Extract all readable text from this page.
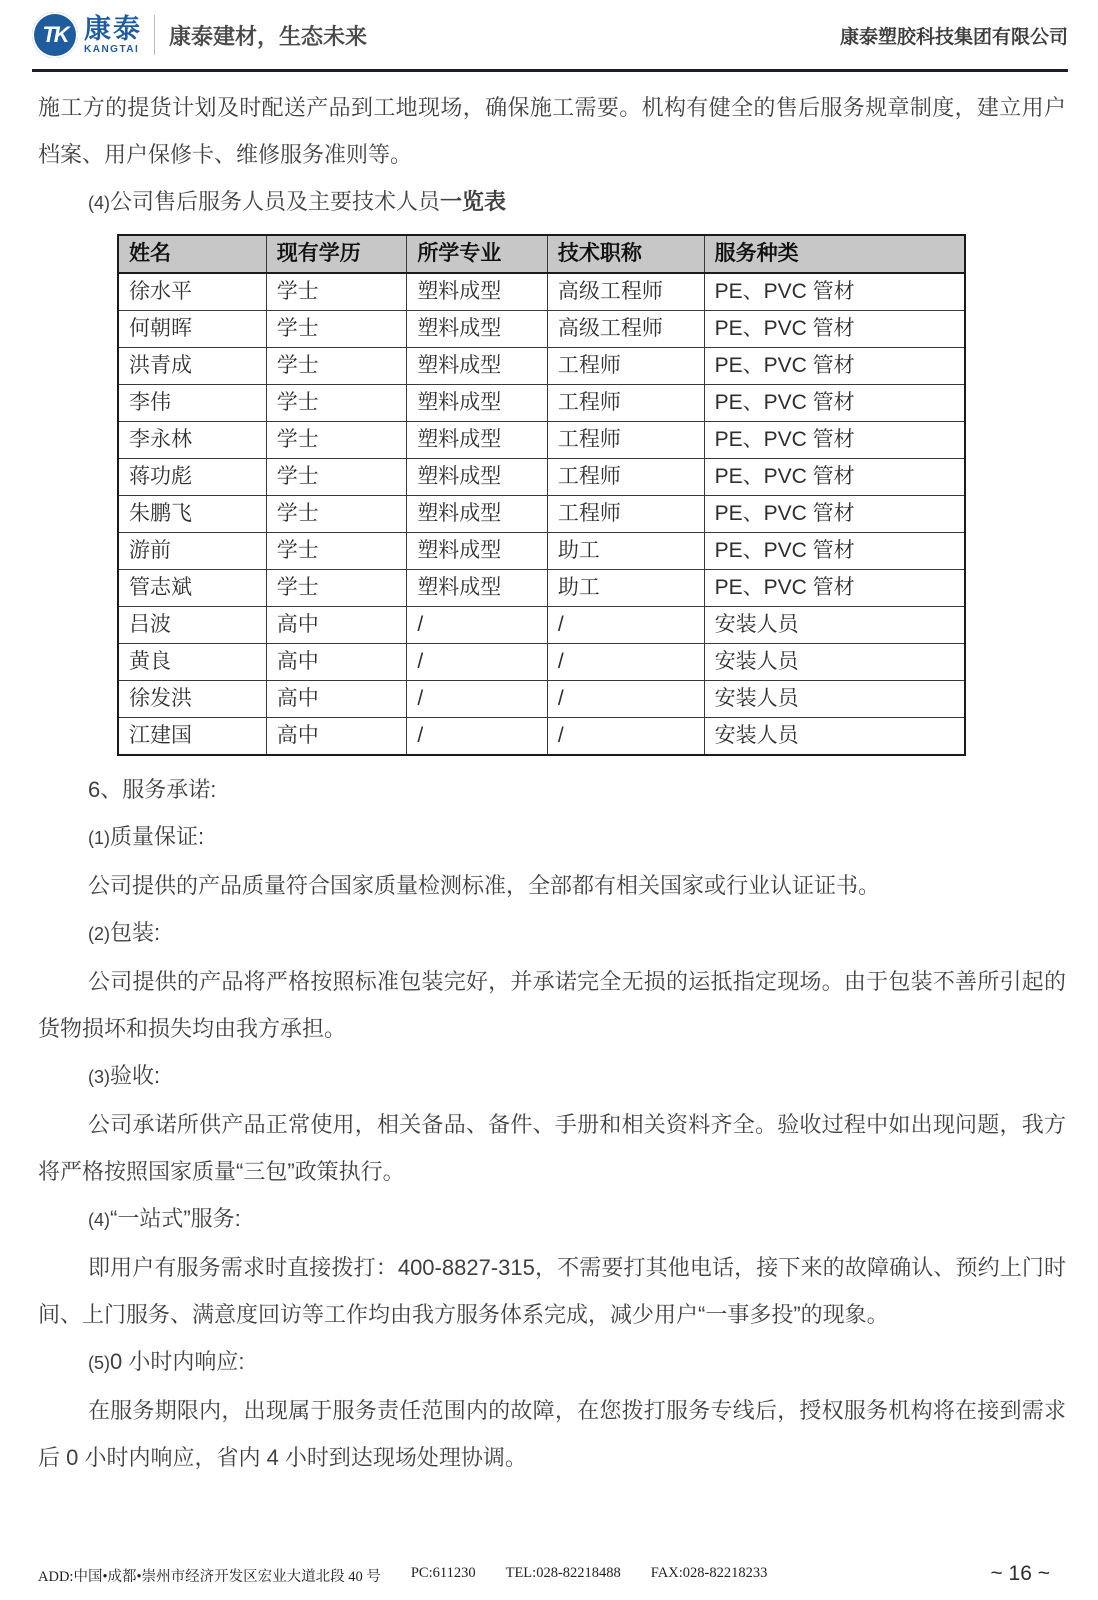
TK 康泰
KANGTAI
康泰建材，生态未来	康泰塑胶科技集团有限公司
施工方的提货计划及时配送产品到工地现场，确保施工需要。机构有健全的售后服务规章制度，建立用户档案、用户保修卡、维修服务准则等。
(4)公司售后服务人员及主要技术人员一览表
姓名	现有学历	所学专业	技术职称	服务种类
徐水平	学士	塑料成型	高级工程师	PE、PVC 管材
何朝晖	学士	塑料成型	高级工程师	PE、PVC 管材
洪青成	学士	塑料成型	工程师	PE、PVC 管材
李伟	学士	塑料成型	工程师	PE、PVC 管材
李永林	学士	塑料成型	工程师	PE、PVC 管材
蒋功彪	学士	塑料成型	工程师	PE、PVC 管材
朱鹏飞	学士	塑料成型	工程师	PE、PVC 管材
游前	学士	塑料成型	助工	PE、PVC 管材
管志斌	学士	塑料成型	助工	PE、PVC 管材
吕波	高中	/	/	安装人员
黄良	高中	/	/	安装人员
徐发洪	高中	/	/	安装人员
江建国	高中	/	/	安装人员
6、服务承诺:
(1)质量保证:
公司提供的产品质量符合国家质量检测标准，全部都有相关国家或行业认证证书。
(2)包装:
公司提供的产品将严格按照标准包装完好，并承诺完全无损的运抵指定现场。由于包装不善所引起的货物损坏和损失均由我方承担。
(3)验收:
公司承诺所供产品正常使用，相关备品、备件、手册和相关资料齐全。验收过程中如出现问题，我方将严格按照国家质量“三包”政策执行。
(4)“一站式”服务:
即用户有服务需求时直接拨打：400-8827-315，不需要打其他电话，接下来的故障确认、预约上门时间、上门服务、满意度回访等工作均由我方服务体系完成，减少用户“一事多投”的现象。
(5)0 小时内响应:
在服务期限内，出现属于服务责任范围内的故障，在您拨打服务专线后，授权服务机构将在接到需求后 0 小时内响应，省内 4 小时到达现场处理协调。
ADD:中国•成都•崇州市经济开发区宏业大道北段 40 号 PC:611230 TEL:028-82218488 FAX:028-82218233	~ 16 ~
